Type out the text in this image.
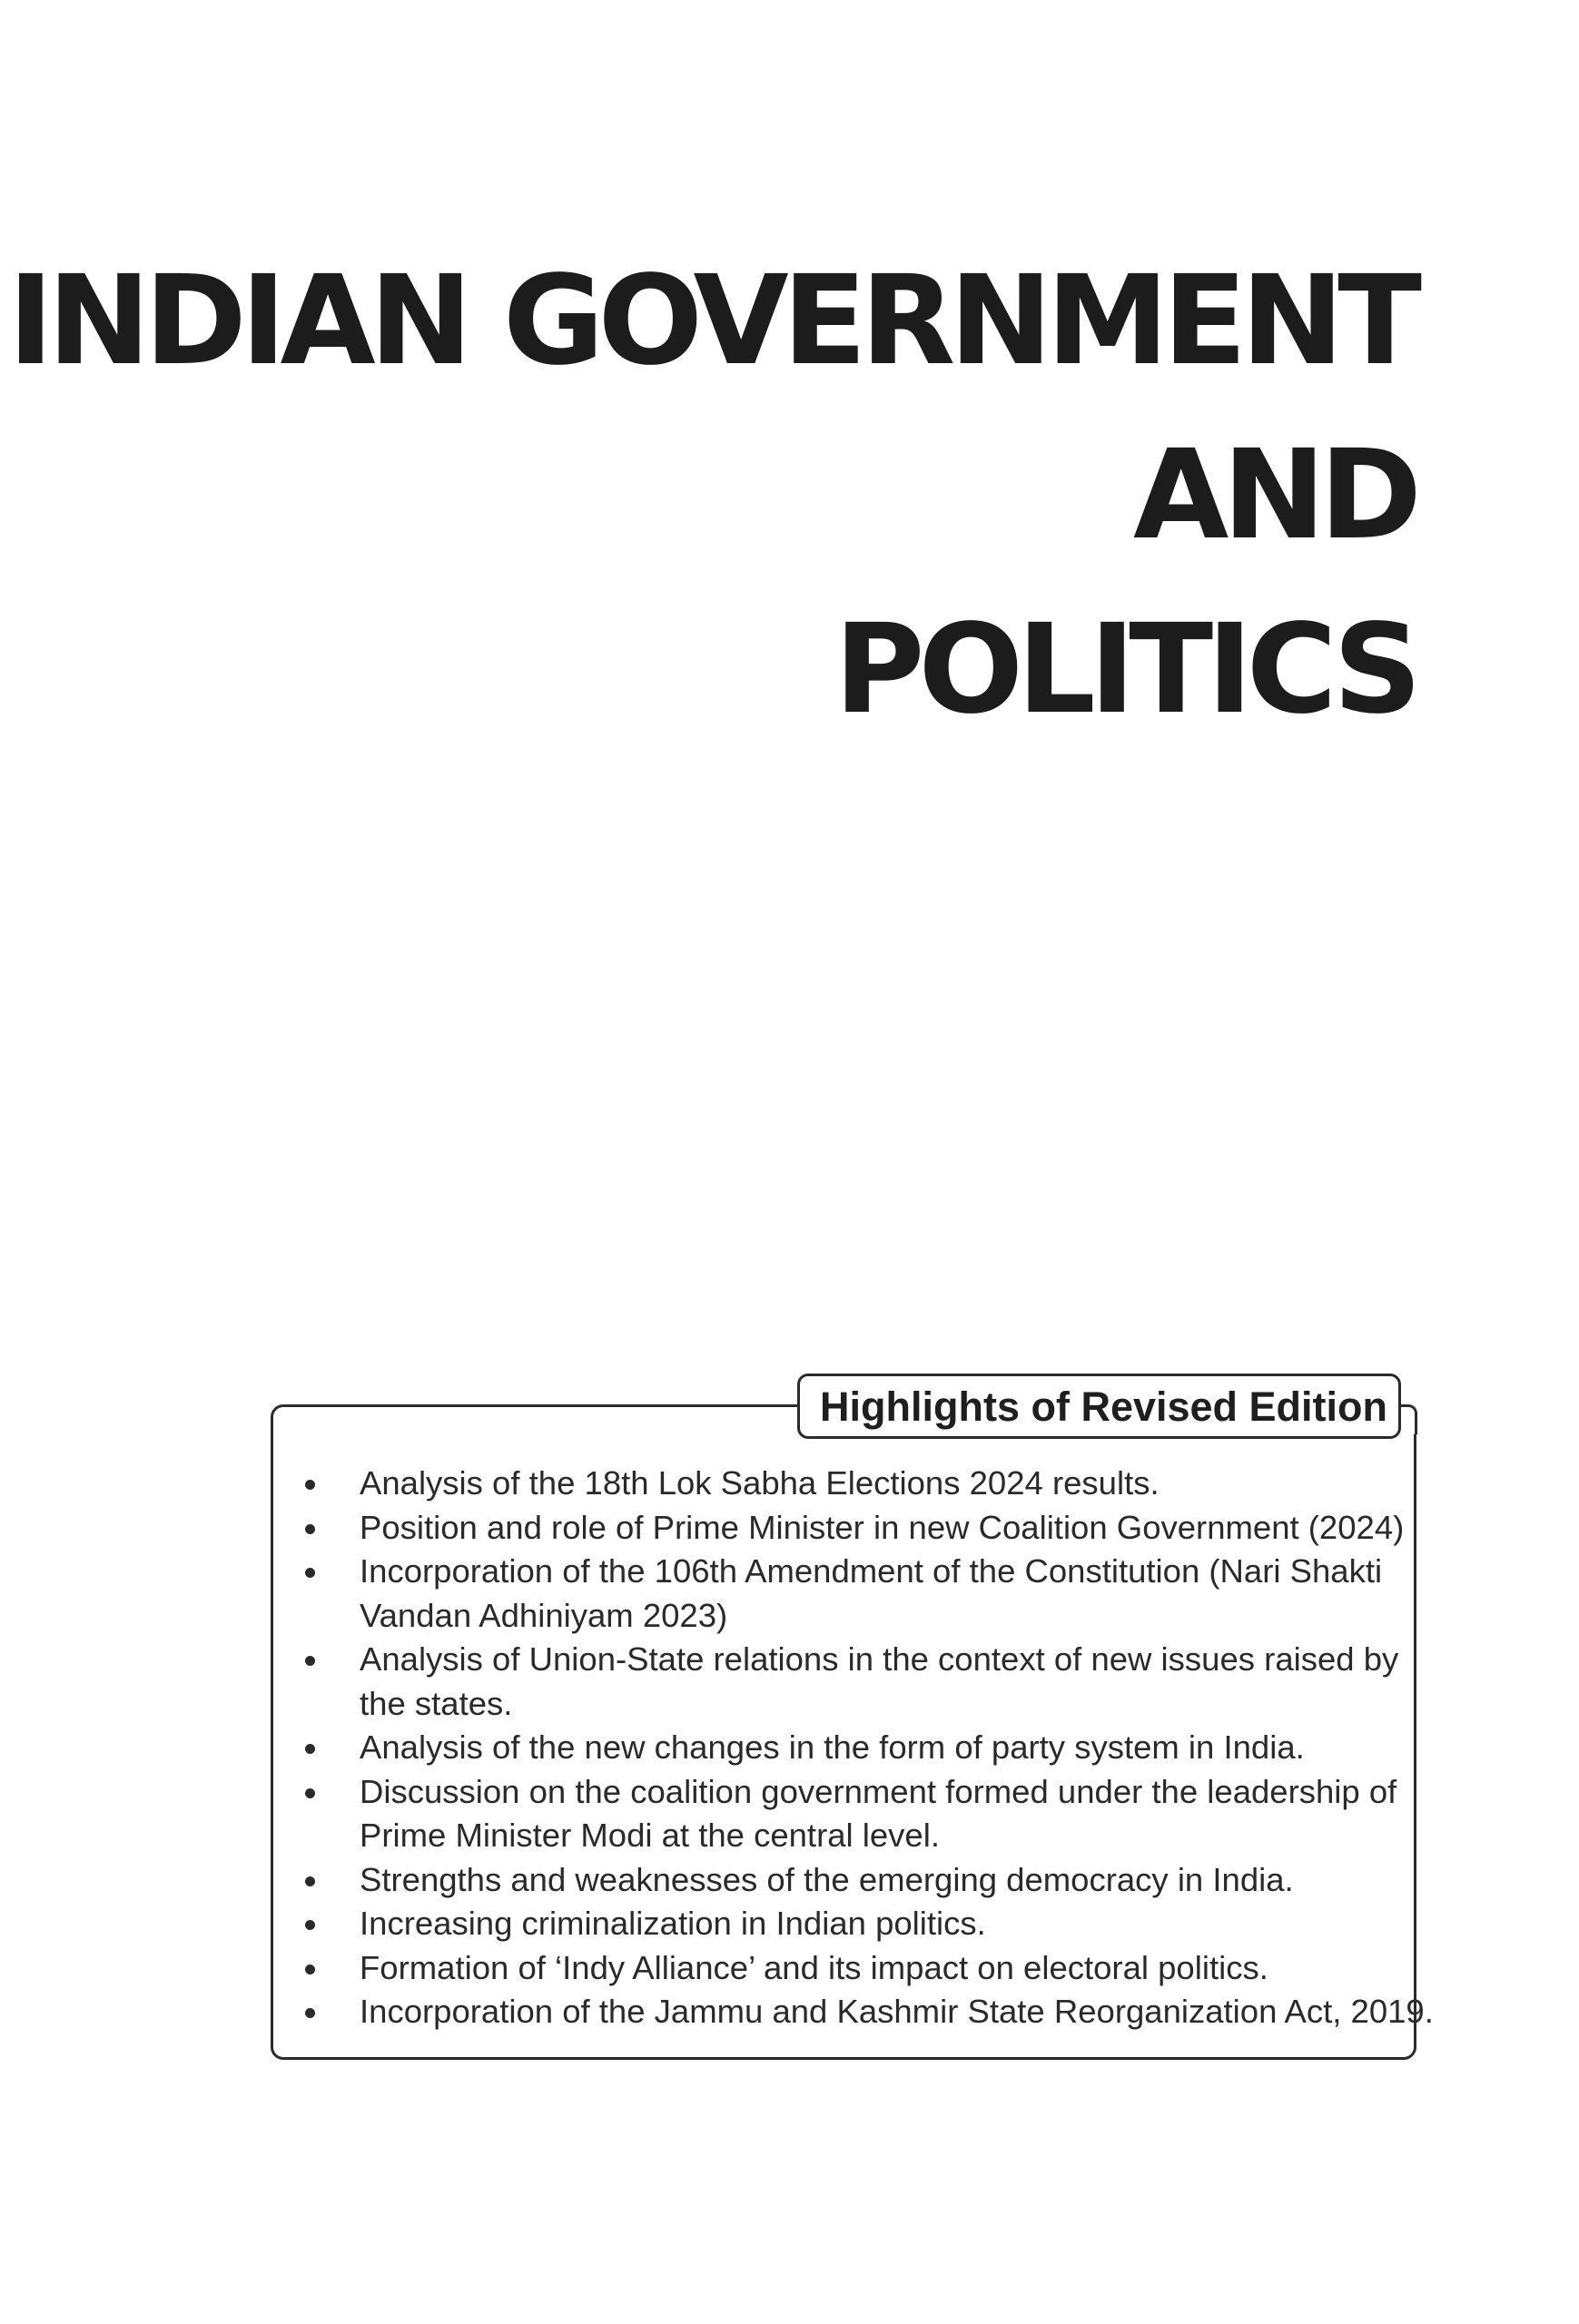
INDIAN GOVERNMENT
AND
POLITICS
Highlights of Revised Edition
Analysis of the 18th Lok Sabha Elections 2024 results.
Position and role of Prime Minister in new Coalition Government (2024)
Incorporation of the 106th Amendment of the Constitution (Nari Shakti
Vandan Adhiniyam 2023)
Analysis of Union-State relations in the context of new issues raised by
the states.
Analysis of the new changes in the form of party system in India.
Discussion on the coalition government formed under the leadership of
Prime Minister Modi at the central level.
Strengths and weaknesses of the emerging democracy in India.
Increasing criminalization in Indian politics.
Formation of ‘Indy Alliance’ and its impact on electoral politics.
Incorporation of the Jammu and Kashmir State Reorganization Act, 2019.
